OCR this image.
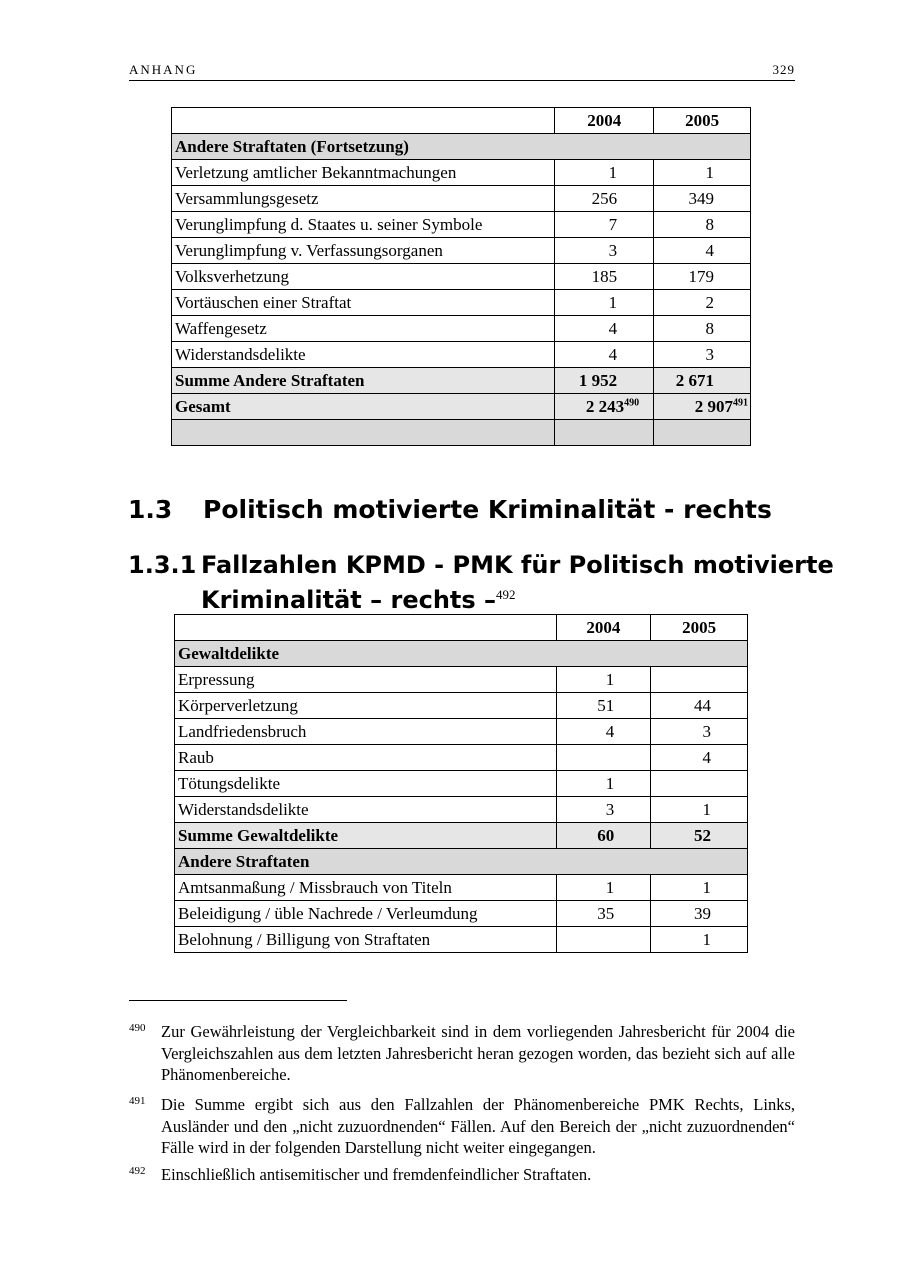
ANHANG	329
	2004	2005
Andere Straftaten (Fortsetzung)		
Verletzung amtlicher Bekanntmachungen	1	1
Versammlungsgesetz	256	349
Verunglimpfung d. Staates u. seiner Symbole	7	8
Verunglimpfung v. Verfassungsorganen	3	4
Volksverhetzung	185	179
Vortäuschen einer Straftat	1	2
Waffengesetz	4	8
Widerstandsdelikte	4	3
Summe Andere Straftaten	1 952	2 671
Gesamt	2 $243^{490}$	2 $907^{491}$

1.3 Politisch motivierte Kriminalität - rechts
1.3.1 Fallzahlen KPMD - PMK für Politisch motivierte
Kriminalität – rechts –$^{492}$
	2004	2005
Gewaltdelikte		
Erpressung	1	
Körperverletzung	51	44
Landfriedensbruch	4	3
Raub		4
Tötungsdelikte	1	
Widerstandsdelikte	3	1
Summe Gewaltdelikte	60	52
Andere Straftaten		
Amtsanmaßung / Missbrauch von Titeln	1	1
Beleidigung / üble Nachrede / Verleumdung	35	39
Belohnung / Billigung von Straftaten		1
490 Zur Gewährleistung der Vergleichbarkeit sind in dem vorliegenden Jahresbericht für 2004 die Vergleichszahlen aus dem letzten Jahresbericht heran gezogen worden, das bezieht sich auf alle Phänomenbereiche.
491 Die Summe ergibt sich aus den Fallzahlen der Phänomenbereiche PMK Rechts, Links, Ausländer und den „nicht zuzuordnenden“ Fällen. Auf den Bereich der „nicht zuzuordnenden“ Fälle wird in der folgenden Darstellung nicht weiter eingegangen.
492 Einschließlich antisemitischer und fremdenfeindlicher Straftaten.
